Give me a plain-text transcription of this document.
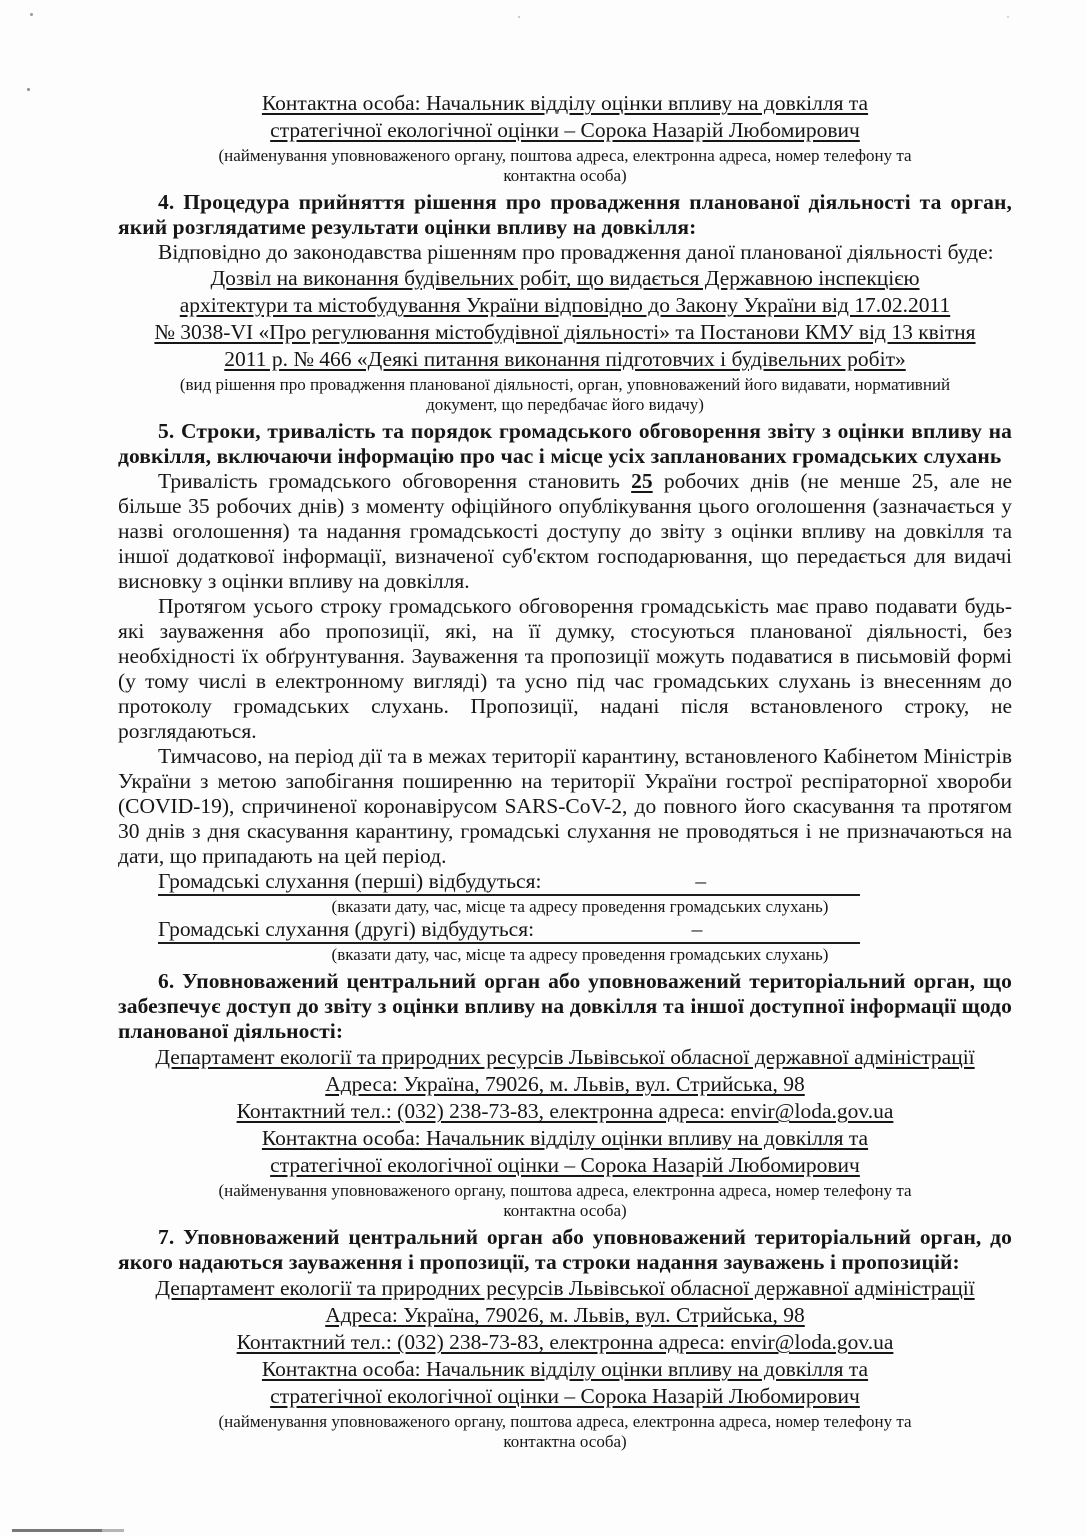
Контактна особа: Начальник відділу оцінки впливу на довкілля та
стратегічної екологічної оцінки – Сорока Назарій Любомирович
(найменування уповноваженого органу, поштова адреса, електронна адреса, номер телефону та
контактна особа)

4. Процедура прийняття рішення про провадження планованої діяльності та орган, який розглядатиме результати оцінки впливу на довкілля:

Відповідно до законодавства рішенням про провадження даної планованої діяльності буде:

Дозвіл на виконання будівельних робіт, що видається Державною інспекцією
архітектури та містобудування України відповідно до Закону України від 17.02.2011
№ 3038-VI «Про регулювання містобудівної діяльності» та Постанови КМУ від 13 квітня
2011 р. № 466 «Деякі питання виконання підготовчих і будівельних робіт»
(вид рішення про провадження планованої діяльності, орган, уповноважений його видавати, нормативний
документ, що передбачає його видачу)

5. Строки, тривалість та порядок громадського обговорення звіту з оцінки впливу на довкілля, включаючи інформацію про час і місце усіх запланованих громадських слухань

Тривалість громадського обговорення становить 25 робочих днів (не менше 25, але не більше 35 робочих днів) з моменту офіційного опублікування цього оголошення (зазначається у назві оголошення) та надання громадськості доступу до звіту з оцінки впливу на довкілля та іншої додаткової інформації, визначеної суб'єктом господарювання, що передається для видачі висновку з оцінки впливу на довкілля.

Протягом усього строку громадського обговорення громадськість має право подавати будь-які зауваження або пропозиції, які, на її думку, стосуються планованої діяльності, без необхідності їх обґрунтування. Зауваження та пропозиції можуть подаватися в письмовій формі (у тому числі в електронному вигляді) та усно під час громадських слухань із внесенням до протоколу громадських слухань. Пропозиції, надані після встановленого строку, не розглядаються.

Тимчасово, на період дії та в межах території карантину, встановленого Кабінетом Міністрів України з метою запобігання поширенню на території України гострої респіраторної хвороби (COVID-19), спричиненої коронавірусом SARS-CoV-2, до повного його скасування та протягом 30 днів з дня скасування карантину, громадські слухання не проводяться і не призначаються на дати, що припадають на цей період.

Громадські слухання (перші) відбудуться:	–
(вказати дату, час, місце та адресу проведення громадських слухань)
Громадські слухання (другі) відбудуться:	–
(вказати дату, час, місце та адресу проведення громадських слухань)

6. Уповноважений центральний орган або уповноважений територіальний орган, що забезпечує доступ до звіту з оцінки впливу на довкілля та іншої доступної інформації щодо планованої діяльності:

Департамент екології та природних ресурсів Львівської обласної державної адміністрації
Адреса: Україна, 79026, м. Львів, вул. Стрийська, 98
Контактний тел.: (032) 238-73-83, електронна адреса: envir@loda.gov.ua
Контактна особа: Начальник відділу оцінки впливу на довкілля та
стратегічної екологічної оцінки – Сорока Назарій Любомирович
(найменування уповноваженого органу, поштова адреса, електронна адреса, номер телефону та
контактна особа)

7. Уповноважений центральний орган або уповноважений територіальний орган, до якого надаються зауваження і пропозиції, та строки надання зауважень і пропозицій:

Департамент екології та природних ресурсів Львівської обласної державної адміністрації
Адреса: Україна, 79026, м. Львів, вул. Стрийська, 98
Контактний тел.: (032) 238-73-83, електронна адреса: envir@loda.gov.ua
Контактна особа: Начальник відділу оцінки впливу на довкілля та
стратегічної екологічної оцінки – Сорока Назарій Любомирович
(найменування уповноваженого органу, поштова адреса, електронна адреса, номер телефону та
контактна особа)
